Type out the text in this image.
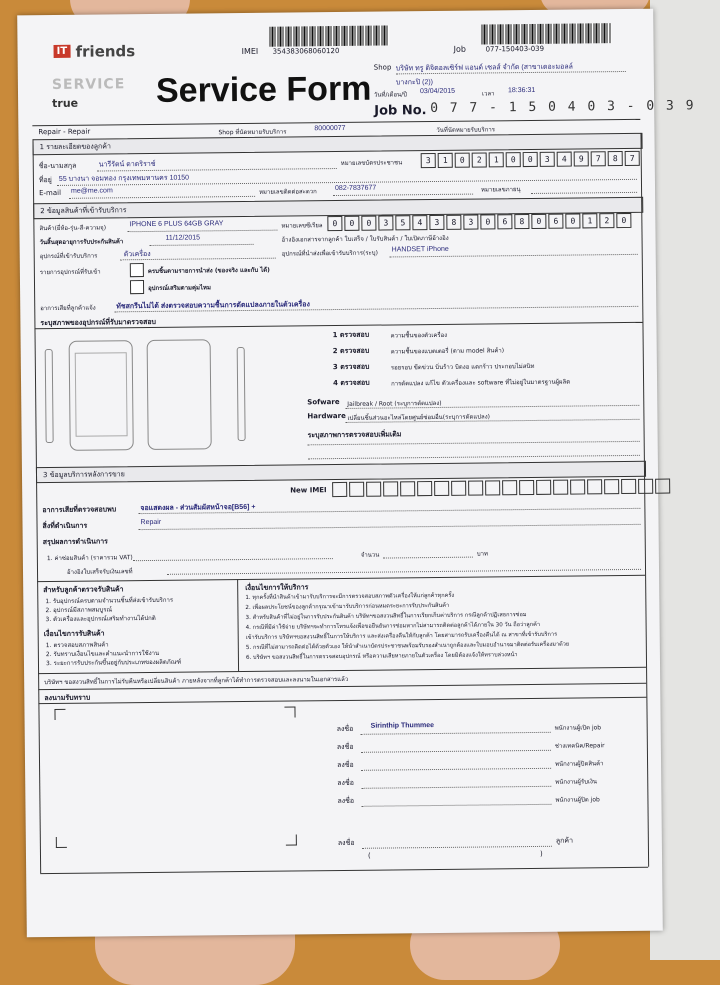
IT friends
SERVICE
true Service Form
IMEI 354383068060120	Job	077-150403-039
Shop บริษัท ทรู ดิจิตอลเซิร์ฟ แอนด์ เซลส์ จำกัด (สาขาเดอะมอลล์
บางกะปิ (2))
วันที่/เดือน/ปี 03/04/2015	เวลา 18:36:31
Job No. 0 7 7 - 1 5 0 4 0 3 - 0 3 9
Repair - Repair	Shop ที่นัดหมายรับบริการ	80000077	วันที่นัดหมายรับบริการ
1 รายละเอียดของลูกค้า
ชื่อ-นามสกุล	นารีรัตน์ ดาดริราช์	หมายเลขบัตรประชาชน	3	1	0	2	1	0	0	3	4	9	7	8	7
ที่อยู่ 55 บางนา จอมทอง กรุงเทพมหานคร 10150
E-mail me@me.com	หมายเลขติดต่อสะดวก	082-7837677	หมายเลขภายนุ
2 ข้อมูลสินค้าที่เข้ารับบริการ
สินค้า(ยี่ห้อ-รุ่น-สี-ความจุ)
IPHONE 6 PLUS 64GB GRAY	หมายเลขซีเรียล	0	0	0	3	5	4	3	8	3	0	6	8	0	6	0	1	2	0
วันสิ้นสุดอายุการรับประกันสินค้า
11/12/2015	อ้างอิงเอกสารจากลูกค้า ใบเสร็จ / ใบรับสินค้า / ใบเปิดภาษีอ้างอิง
อุปกรณ์ที่เข้ารับบริการ	ตัวเครื่อง	อุปกรณ์ที่นำส่งเพื่อเข้ารับบริการ(ระบุ) HANDSET iPhone
รายการอุปกรณ์ที่รับเข้า	ครบชิ้นตามรายการนำส่ง (ของจริง และกับ ได้)
อุปกรณ์เสริมตามคุ่มไหม
อาการเสียที่ลูกค้าแจ้ง	ทัชสกรีนไม่ได้ ส่งตรวจสอบความชื้นการดัดแปลงภายในตัวเครื่อง
ระบุสภาพของอุปกรณ์ที่รับมาตรวจสอบ
Sofware Jailbreak / Root (ระบุการดัดแปลง)
Hardware เปลี่ยนชิ้นส่วนอะไหล่โดยศูนย์ซ่อมอื่น(ระบุการดัดแปลง)
ระบุสภาพการตรวจสอบเพิ่มเติม
3 ข้อมูลบริการหลังการขาย
New IMEI
อาการเสียที่ตรวจสอบพบ	จอแสดงผล - ส่วนสัมผัสหน้าจอ[B56] +
สิ่งที่ดำเนินการ	Repair
สรุปผลการดำเนินการ
1. ค่าซ่อมสินค้า (ราคารวม VAT)	จำนวน	บาท
อ้างอิงใบเสร็จรับเงินเลขที่
บริษัทฯ ขอสงวนสิทธิ์ในการไม่รับคืนหรือเปลี่ยนสินค้า ภายหลังจากที่ลูกค้าได้ทำการตรวจสอบและลงนามในเอกสารแล้ว
ลงนามรับทราบ
ลงชื่อ	ลูกค้า
(	)
1 ตรวจสอบ	ความชื้นของตัวเครื่อง
2 ตรวจสอบ	ความชื้นของแบตเตอรี่ (ตาม model สินค้า)
3 ตรวจสอบ	รอยรอบ ขีดข่วน บิ่นร้าว บิดงอ แตกร้าว ประกอบไม่สนิท
4 ตรวจสอบ	การดัดแปลง แก้ไข ตัวเครื่องและ software ที่ไม่อยู่ในมาตรฐานผู้ผลิต
สำหรับลูกค้าตรวจรับสินค้า
1. รับอุปกรณ์ครบตามจำนวนชิ้นที่ส่งเข้ารับบริการ
2. อุปกรณ์มีสภาพสมบูรณ์
3. ตัวเครื่องและอุปกรณ์เสริมทำงานได้ปกติ
เงื่อนไขการรับสินค้า
1. ตรวจสอบสภาพสินค้า
2. รับทราบเงื่อนไขและคำแนะนำการใช้งาน
3. ระยะการรับประกันขึ้นอยู่กับประเภทของผลิตภัณฑ์
เงื่อนไขการให้บริการ
1. ทุกครั้งที่นำสินค้าเข้ามารับบริการจะมีการตรวจสอบสภาพตัวเครื่องให้แก่ลูกค้าทุกครั้ง
2. เพื่อผลประโยชน์ของลูกค้ากรุณาเข้ามารับบริการก่อนหมดระยะการรับประกันสินค้า
3. สำหรับสินค้าที่ไม่อยู่ในการรับประกันสินค้า บริษัทฯขอสงวนสิทธิ์ในการเรียกเก็บค่าบริการ กรณีลูกค้าปฏิเสธการซ่อม
4. กรณีที่มีค่าใช้จ่าย บริษัทฯจะทำการโทรแจ้งเพื่อขอยืนยันการซ่อมหากไม่สามารถติดต่อลูกค้าได้ภายใน 30 วัน ถือว่าลูกค้า
เข้ารับบริการ บริษัทฯขอสงวนสิทธิ์ในการให้บริการ และส่งเครื่องคืนให้กับลูกค้า โดยสามารถรับเครื่องคืนได้ ณ สาขาที่เข้ารับบริการ
5. กรณีที่ไม่สามารถติดต่อได้ด้วยตัวเอง ให้นำสำเนาบัตรประชาชนพร้อมรับรองสำเนาถูกต้องและใบมอบอำนาจมาติดต่อรับเครื่องมาด้วย
6. บริษัทฯ ขอสงวนสิทธิ์ในการตรวจสอบอุปกรณ์ หรือความเสียหายภายในตัวเครื่อง โดยมิต้องแจ้งให้ทราบล่วงหน้า
ลงชื่อ	พนักงานผู้เปิด job
Sirinthip Thummee
ลงชื่อ	ช่างเทคนิค/Repair
ลงชื่อ	พนักงานผู้ปิดสินค้า
ลงชื่อ	พนักงานผู้รับเงิน
ลงชื่อ	พนักงานผู้ปิด job
